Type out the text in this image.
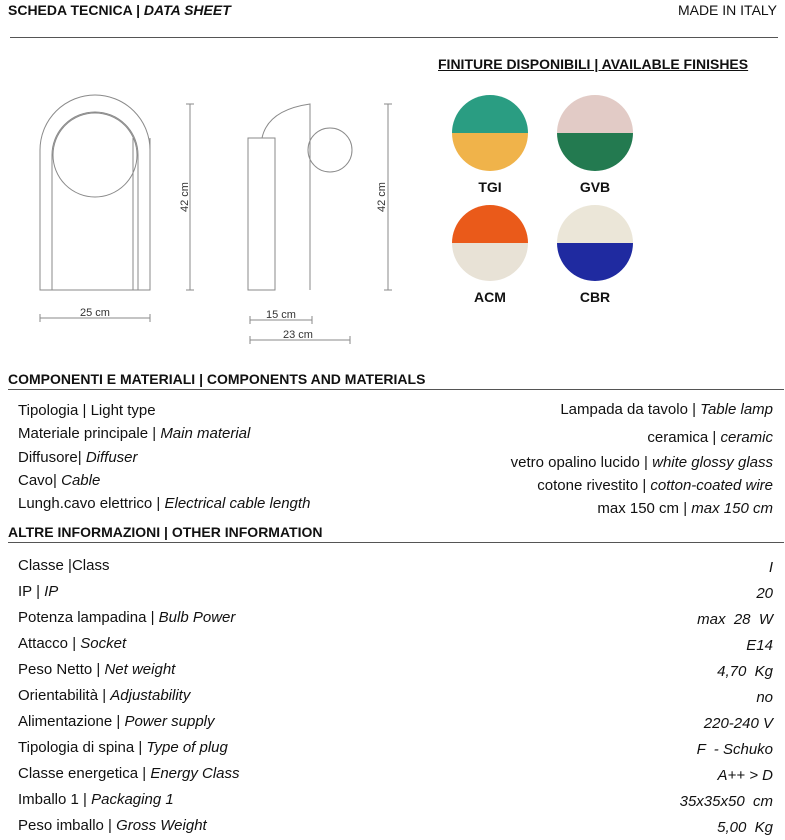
SCHEDA TECNICA | DATA SHEET	MADE IN ITALY
42 cm
25 cm
42 cm
15 cm
23 cm
FINITURE DISPONIBILI | AVAILABLE FINISHES
TGI	GVB
ACM	CBR
COMPONENTI E MATERIALI | COMPONENTS AND MATERIALS
Tipologia | Light type	Lampada da tavolo | Table lamp
Materiale principale | Main material	ceramica | ceramic
Diffusore| Diffuser	vetro opalino lucido | white glossy glass
Cavo| Cable	cotone rivestito | cotton-coated wire
Lungh.cavo elettrico | Electrical cable length	max 150 cm | max 150 cm
ALTRE INFORMAZIONI | OTHER INFORMATION
Classe |Class	I
IP | IP	20
Potenza lampadina | Bulb Power	max  28  W
Attacco | Socket	E14
Peso Netto | Net weight	4,70  Kg
Orientabilità | Adjustability	no
Alimentazione | Power supply	220-240 V
Tipologia di spina | Type of plug	F  - Schuko
Classe energetica | Energy Class	A++ > D
Imballo 1 | Packaging 1	35x35x50  cm
Peso imballo | Gross Weight	5,00  Kg
